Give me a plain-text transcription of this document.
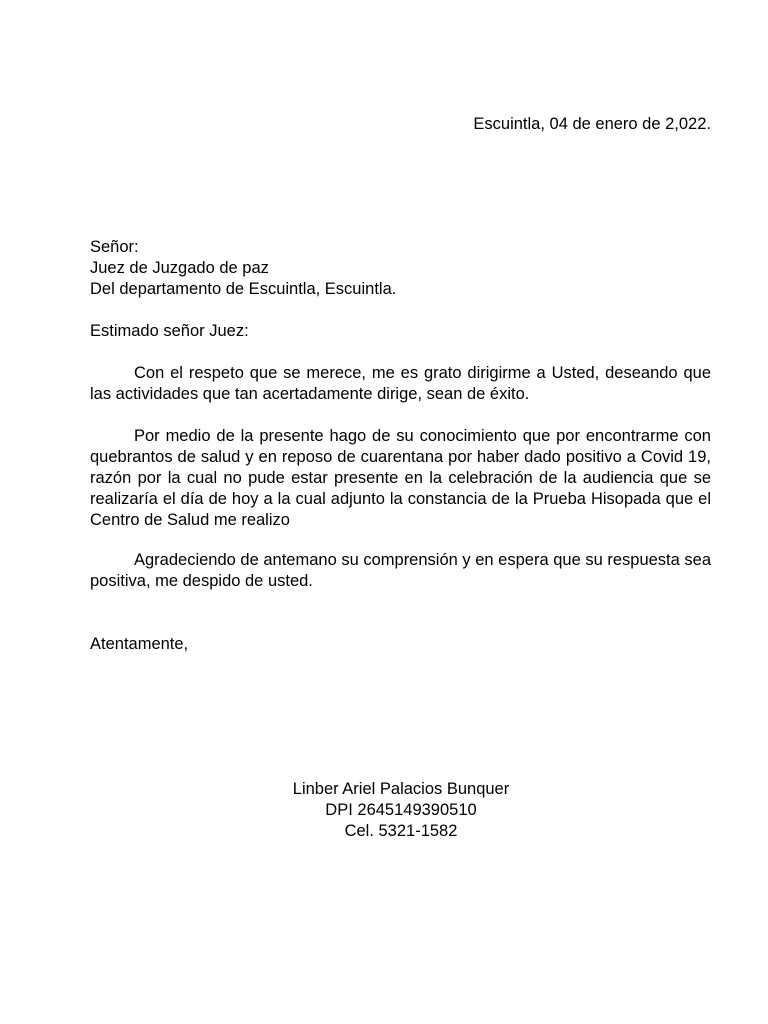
Escuintla, 04 de enero de 2,022.
Señor:
Juez de Juzgado de paz
Del departamento de Escuintla, Escuintla.
Estimado señor Juez:

Con el respeto que se merece, me es grato dirigirme a Usted, deseando que las actividades que tan acertadamente dirige, sean de éxito.

Por medio de la presente hago de su conocimiento que por encontrarme con quebrantos de salud y en reposo de cuarentana por haber dado positivo a Covid 19, razón por la cual no pude estar presente en la celebración de la audiencia que se realizaría el día de hoy a la cual adjunto la constancia de la Prueba Hisopada que el Centro de Salud me realizo

Agradeciendo de antemano su comprensión y en espera que su respuesta sea positiva, me despido de usted.

Atentamente,
Linber Ariel Palacios Bunquer
DPI 2645149390510
Cel. 5321-1582
